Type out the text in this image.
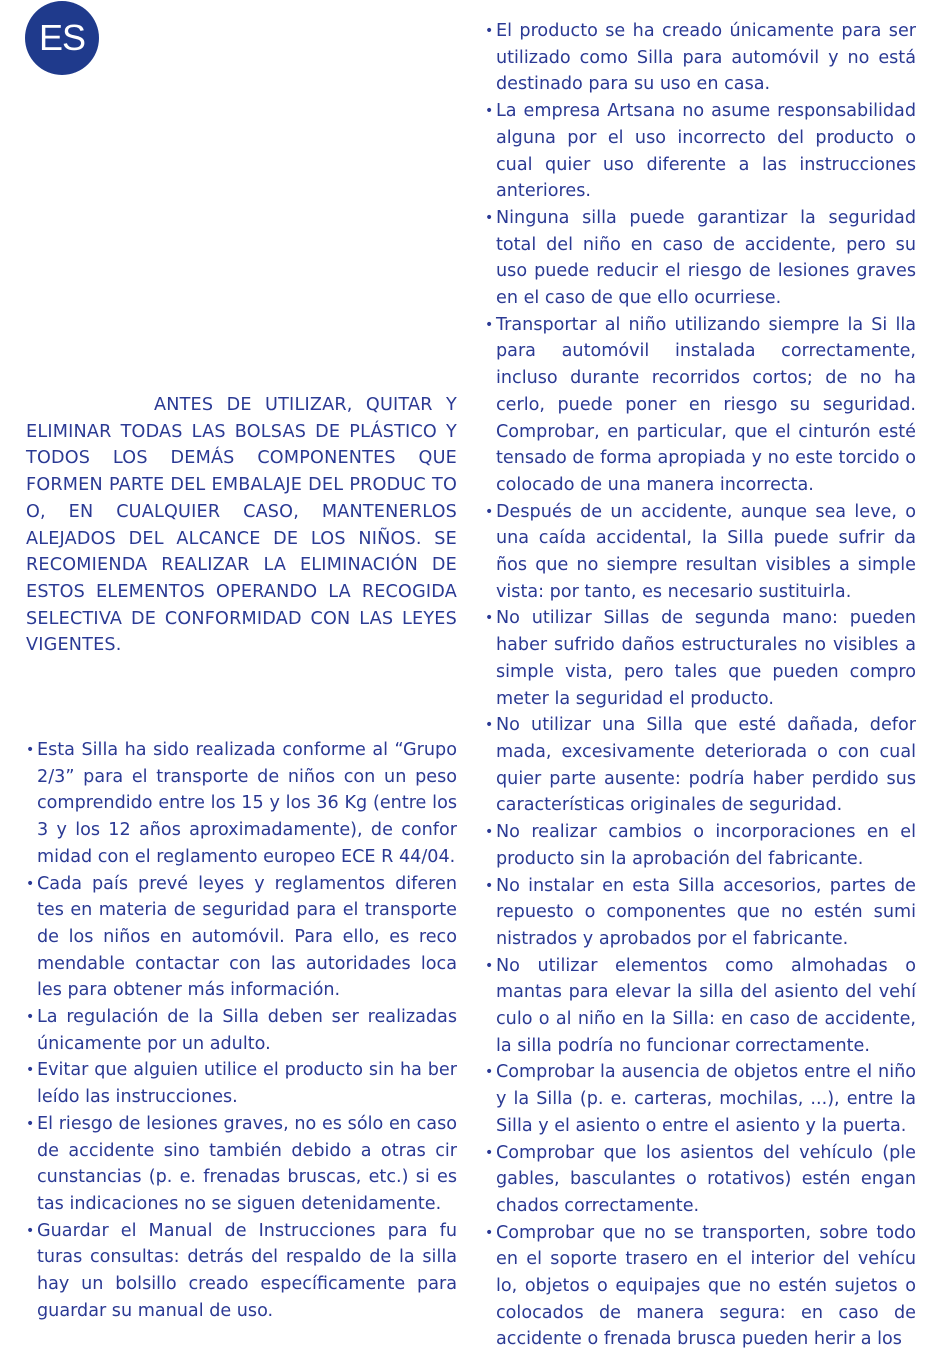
ES
ANTES DE UTILIZAR, QUITAR Y ELIMINAR TODAS LAS BOLSAS DE PLÁSTICO Y TODOS LOS DEMÁS COMPONENTES QUE FORMEN PARTE DEL EMBALAJE DEL PRODUC TO O, EN CUALQUIER CASO, MANTENERLOS ALEJADOS DEL ALCANCE DE LOS NIÑOS. SE RECOMIENDA REALIZAR LA ELIMINACIÓN DE ESTOS ELEMENTOS OPERANDO LA RECOGIDA SELECTIVA DE CONFORMIDAD CON LAS LEYES VIGENTES.
• Esta Silla ha sido realizada conforme al “Grupo 2/3” para el transporte de niños con un peso comprendido entre los 15 y los 36 Kg (entre los 3 y los 12 años aproximadamente), de confor midad con el reglamento europeo ECE R 44/04.
• Cada país prevé leyes y reglamentos diferen tes en materia de seguridad para el transporte de los niños en automóvil. Para ello, es reco mendable contactar con las autoridades loca les para obtener más información.
• La regulación de la Silla deben ser realizadas únicamente por un adulto.
• Evitar que alguien utilice el producto sin ha ber leído las instrucciones.
• El riesgo de lesiones graves, no es sólo en caso de accidente sino también debido a otras cir cunstancias (p. e. frenadas bruscas, etc.) si es tas indicaciones no se siguen detenidamente.
• Guardar el Manual de Instrucciones para fu turas consultas: detrás del respaldo de la silla hay un bolsillo creado específicamente para guardar su manual de uso.
• El producto se ha creado únicamente para ser utilizado como Silla para automóvil y no está destinado para su uso en casa.
• La empresa Artsana no asume responsabilidad alguna por el uso incorrecto del producto o cual quier uso diferente a las instrucciones anteriores.
• Ninguna silla puede garantizar la seguridad total del niño en caso de accidente, pero su uso puede reducir el riesgo de lesiones graves en el caso de que ello ocurriese.
• Transportar al niño utilizando siempre la Si lla para automóvil instalada correctamente, incluso durante recorridos cortos; de no ha cerlo, puede poner en riesgo su seguridad. Comprobar, en particular, que el cinturón esté tensado de forma apropiada y no este torcido o colocado de una manera incorrecta.
• Después de un accidente, aunque sea leve, o una caída accidental, la Silla puede sufrir da ños que no siempre resultan visibles a simple vista: por tanto, es necesario sustituirla.
• No utilizar Sillas de segunda mano: pueden haber sufrido daños estructurales no visibles a simple vista, pero tales que pueden compro meter la seguridad el producto.
• No utilizar una Silla que esté dañada, defor mada, excesivamente deteriorada o con cual quier parte ausente: podría haber perdido sus características originales de seguridad.
• No realizar cambios o incorporaciones en el producto sin la aprobación del fabricante.
• No instalar en esta Silla accesorios, partes de repuesto o componentes que no estén sumi nistrados y aprobados por el fabricante.
• No utilizar elementos como almohadas o mantas para elevar la silla del asiento del vehí culo o al niño en la Silla: en caso de accidente, la silla podría no funcionar correctamente.
• Comprobar la ausencia de objetos entre el niño y la Silla (p. e. carteras, mochilas, ...), entre la Silla y el asiento o entre el asiento y la puerta.
• Comprobar que los asientos del vehículo (ple gables, basculantes o rotativos) estén engan chados correctamente.
• Comprobar que no se transporten, sobre todo en el soporte trasero en el interior del vehícu lo, objetos o equipajes que no estén sujetos o colocados de manera segura: en caso de accidente o frenada brusca pueden herir a los
